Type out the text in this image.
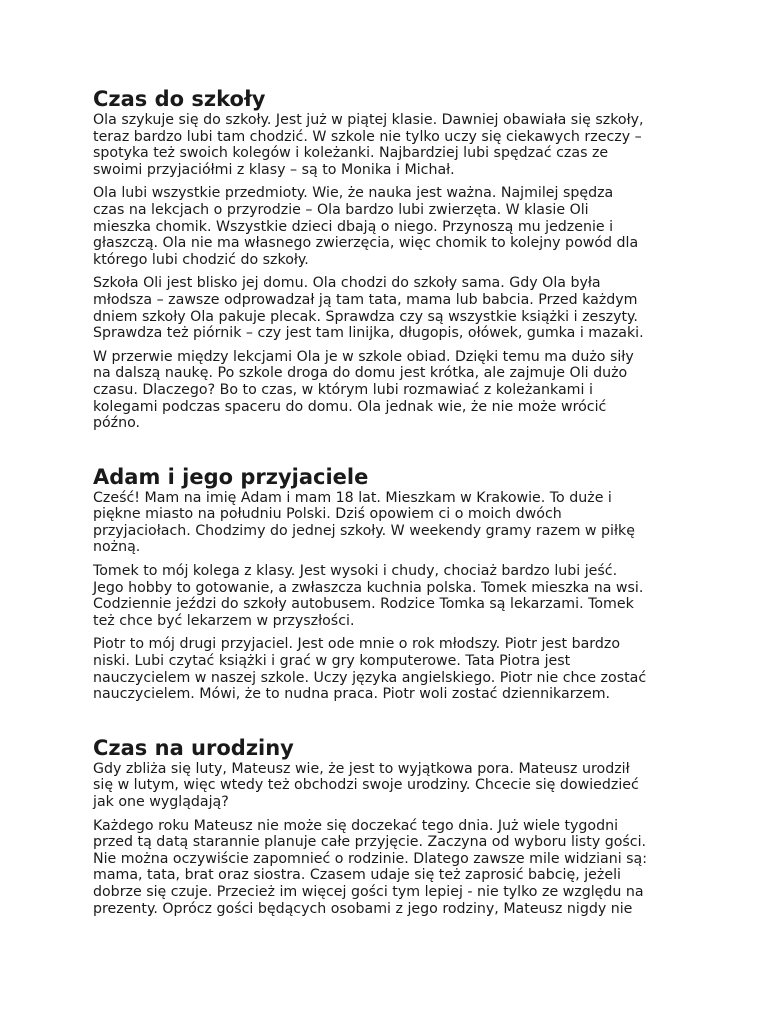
Czas do szkoły

Ola szykuje się do szkoły. Jest już w piątej klasie. Dawniej obawiała się szkoły,
teraz bardzo lubi tam chodzić. W szkole nie tylko uczy się ciekawych rzeczy –
spotyka też swoich kolegów i koleżanki. Najbardziej lubi spędzać czas ze
swoimi przyjaciółmi z klasy – są to Monika i Michał.

Ola lubi wszystkie przedmioty. Wie, że nauka jest ważna. Najmilej spędza
czas na lekcjach o przyrodzie – Ola bardzo lubi zwierzęta. W klasie Oli
mieszka chomik. Wszystkie dzieci dbają o niego. Przynoszą mu jedzenie i
głaszczą. Ola nie ma własnego zwierzęcia, więc chomik to kolejny powód dla
którego lubi chodzić do szkoły.

Szkoła Oli jest blisko jej domu. Ola chodzi do szkoły sama. Gdy Ola była
młodsza – zawsze odprowadzał ją tam tata, mama lub babcia. Przed każdym
dniem szkoły Ola pakuje plecak. Sprawdza czy są wszystkie książki i zeszyty.
Sprawdza też piórnik – czy jest tam linijka, długopis, ołówek, gumka i mazaki.

W przerwie między lekcjami Ola je w szkole obiad. Dzięki temu ma dużo siły
na dalszą naukę. Po szkole droga do domu jest krótka, ale zajmuje Oli dużo
czasu. Dlaczego? Bo to czas, w którym lubi rozmawiać z koleżankami i
kolegami podczas spaceru do domu. Ola jednak wie, że nie może wrócić
późno.

Adam i jego przyjaciele

Cześć! Mam na imię Adam i mam 18 lat. Mieszkam w Krakowie. To duże i
piękne miasto na południu Polski. Dziś opowiem ci o moich dwóch
przyjaciołach. Chodzimy do jednej szkoły. W weekendy gramy razem w piłkę
nożną.

Tomek to mój kolega z klasy. Jest wysoki i chudy, chociaż bardzo lubi jeść.
Jego hobby to gotowanie, a zwłaszcza kuchnia polska. Tomek mieszka na wsi.
Codziennie jeździ do szkoły autobusem. Rodzice Tomka są lekarzami. Tomek
też chce być lekarzem w przyszłości.

Piotr to mój drugi przyjaciel. Jest ode mnie o rok młodszy. Piotr jest bardzo
niski. Lubi czytać książki i grać w gry komputerowe. Tata Piotra jest
nauczycielem w naszej szkole. Uczy języka angielskiego. Piotr nie chce zostać
nauczycielem. Mówi, że to nudna praca. Piotr woli zostać dziennikarzem.

Czas na urodziny

Gdy zbliża się luty, Mateusz wie, że jest to wyjątkowa pora. Mateusz urodził
się w lutym, więc wtedy też obchodzi swoje urodziny. Chcecie się dowiedzieć
jak one wyglądają?

Każdego roku Mateusz nie może się doczekać tego dnia. Już wiele tygodni
przed tą datą starannie planuje całe przyjęcie. Zaczyna od wyboru listy gości.
Nie można oczywiście zapomnieć o rodzinie. Dlatego zawsze mile widziani są:
mama, tata, brat oraz siostra. Czasem udaje się też zaprosić babcię, jeżeli
dobrze się czuje. Przecież im więcej gości tym lepiej - nie tylko ze względu na
prezenty. Oprócz gości będących osobami z jego rodziny, Mateusz nigdy nie
